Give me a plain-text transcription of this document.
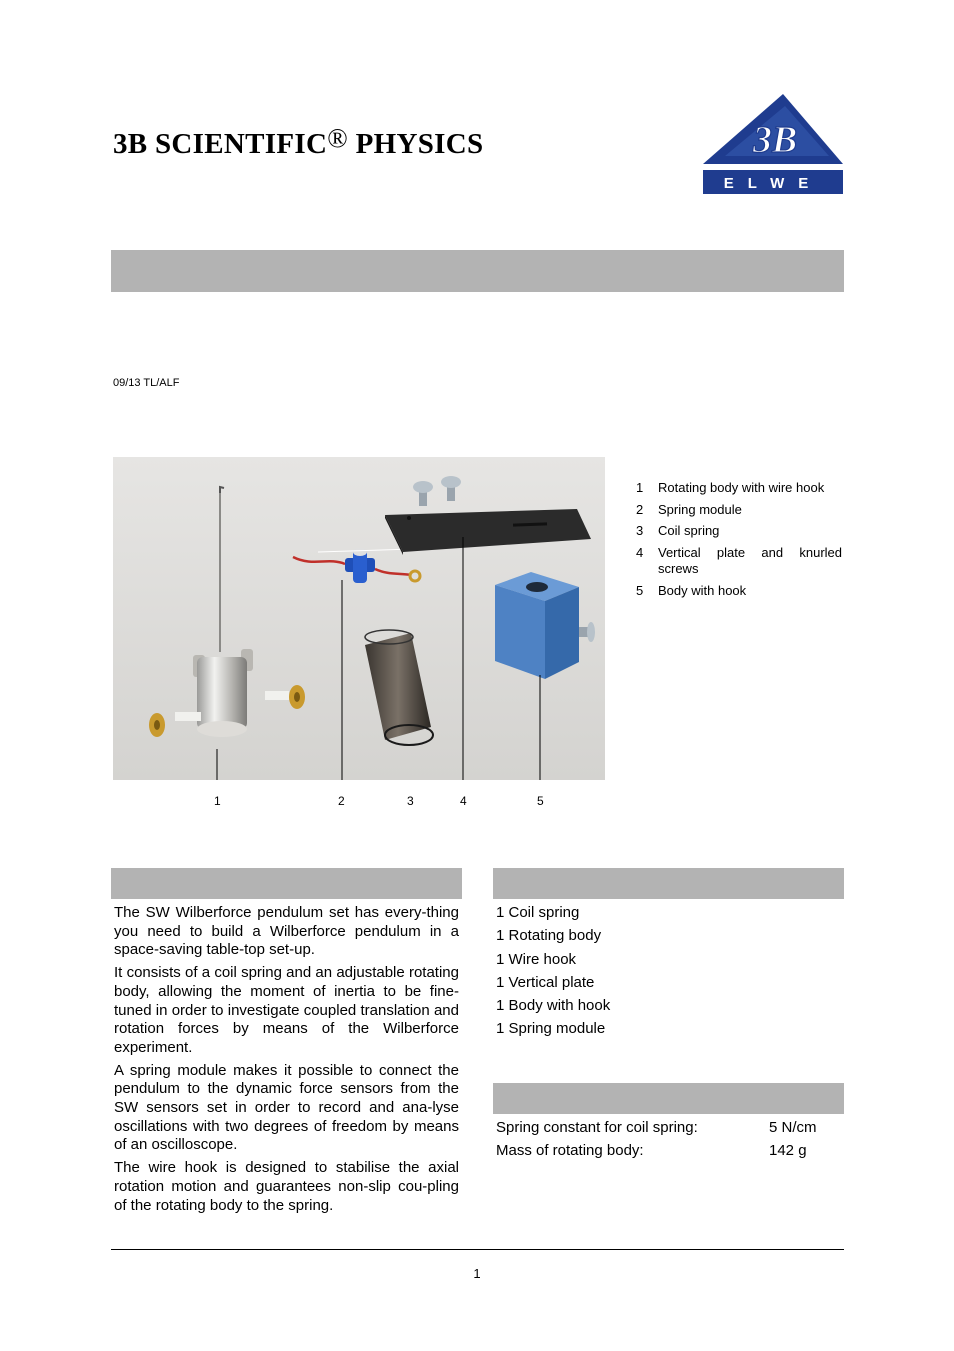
3B SCIENTIFIC® PHYSICS	3B	®
ELWE
09/13 TL/ALF
1	2	3	4	5
1 Rotating body with wire hook
2 Spring module
3 Coil spring
4 Vertical plate and knurled screws
5 Body with hook

The SW Wilberforce pendulum set has every-thing you need to build a Wilberforce pendulum in a space-saving table-top set-up.

It consists of a coil spring and an adjustable rotating body, allowing the moment of inertia to be fine-tuned in order to investigate coupled translation and rotation forces by means of the Wilberforce experiment.

A spring module makes it possible to connect the pendulum to the dynamic force sensors from the SW sensors set in order to record and ana-lyse oscillations with two degrees of freedom by means of an oscilloscope.

The wire hook is designed to stabilise the axial rotation motion and guarantees non-slip cou-pling of the rotating body to the spring.

1 Coil spring
1 Rotating body
1 Wire hook
1 Vertical plate
1 Body with hook
1 Spring module
Spring constant for coil spring:	5 N/cm
Mass of rotating body:	142 g
1
